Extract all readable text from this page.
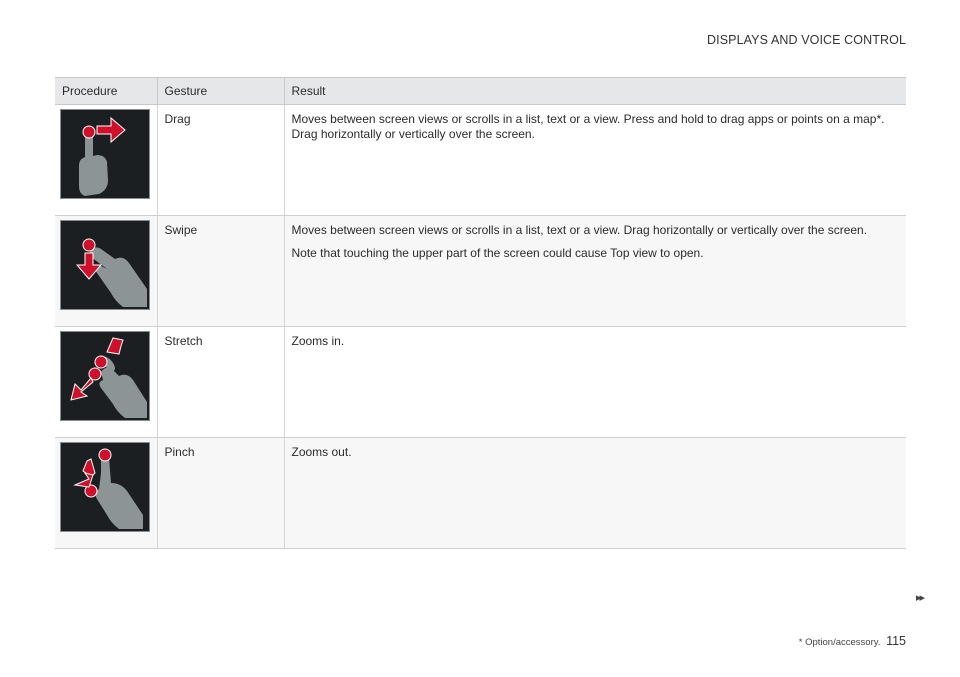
DISPLAYS AND VOICE CONTROL
Procedure	Gesture	Result

	Drag	Moves between screen views or scrolls in a list, text or a view. Press and hold to drag apps or points on a map*. Drag horizontally or vertically over the screen.

	Swipe	Moves between screen views or scrolls in a list, text or a view. Drag horizontally or vertically over the screen.

Note that touching the upper part of the screen could cause Top view to open.

	Stretch	Zooms in.

	Pinch	Zooms out.

▸▸
* Option/accessory. 115
